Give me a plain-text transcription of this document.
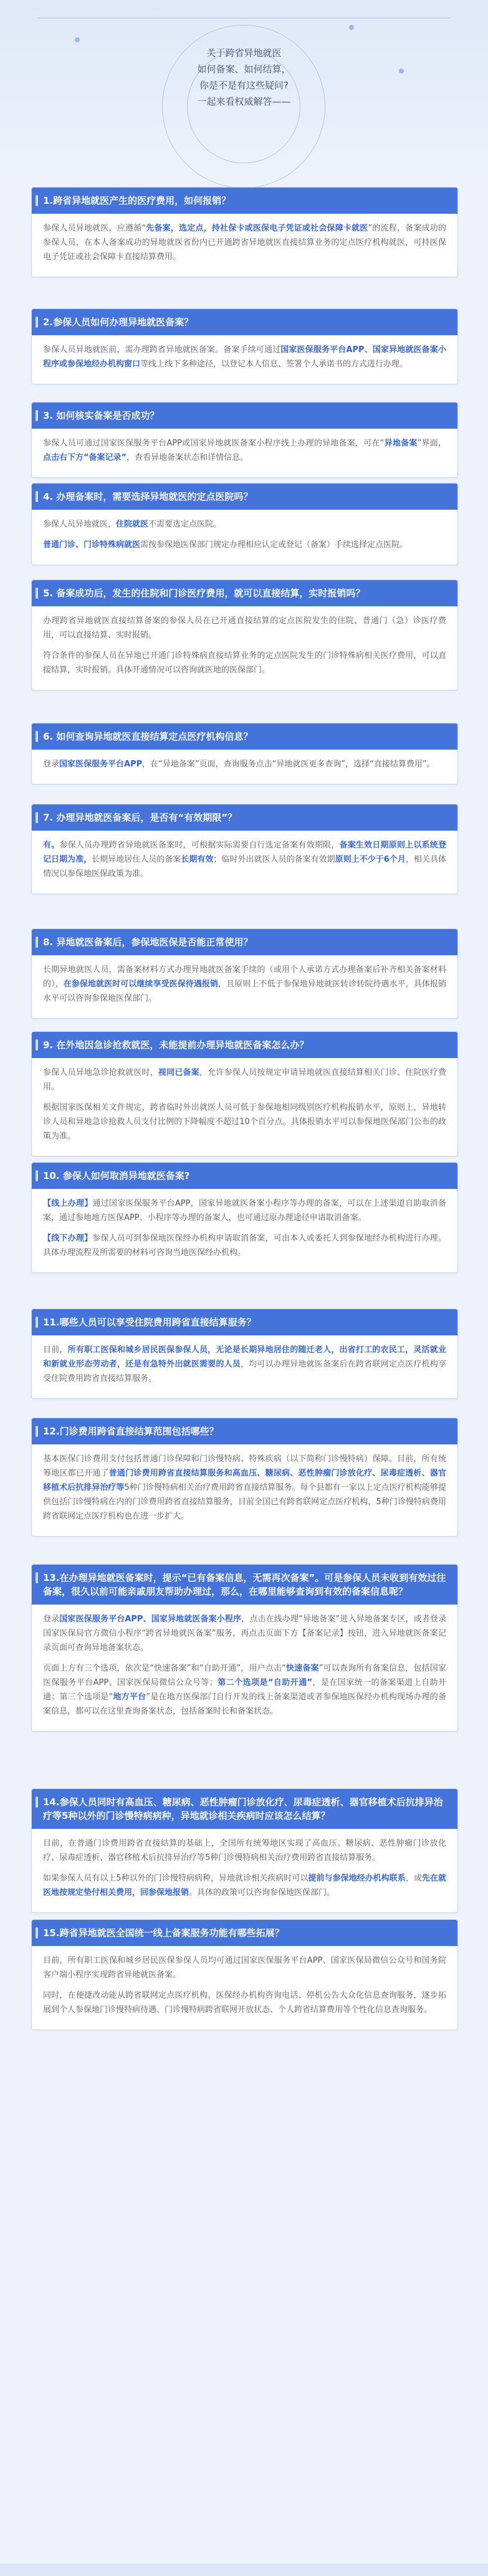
关于跨省异地就医
如何备案、如何结算，
你是不是有这些疑问?
一起来看权威解答——
1.跨省异地就医产生的医疗费用，如何报销？

参保人员异地就医，应遵循“先备案，选定点，持社保卡或医保电子凭证或社会保障卡就医”的流程，备案成功的参保人员，在本人备案成功的异地就医省份内已开通跨省异地就医直接结算业务的定点医疗机构就医，可持医保电子凭证或社会保障卡直接结算费用。

2.参保人员如何办理异地就医备案？

参保人员异地就医前，需办理跨省异地就医备案。备案手续可通过国家医保服务平台APP、国家异地就医备案小程序或参保地经办机构窗口等线上线下多种途径，以登记本人信息、签署个人承诺书的方式进行办理。

3. 如何核实备案是否成功？

参保人员可通过国家医保服务平台APP或国家异地就医备案小程序线上办理的异地备案，可在“异地备案”界面，点击右下方“备案记录”，查看异地备案状态和详情信息。

4. 办理备案时，需要选择异地就医的定点医院吗？

参保人员异地就医，住院就医不需要选定点医院。

普通门诊、门诊特殊病就医需按参保地医保部门规定办理相应认定或登记（备案）手续选择定点医院。

5. 备案成功后，发生的住院和门诊医疗费用，就可以直接结算，实时报销吗？

办理跨省异地就医直接结算备案的参保人员在已开通直接结算的定点医院发生的住院、普通门（急）诊医疗费用，可以直接结算、实时报销。

符合条件的参保人员在异地已开通门诊特殊病直接结算业务的定点医院发生的门诊特殊病相关医疗费用，可以直接结算，实时报销。具体开通情况可以咨询就医地的医保部门。

6. 如何查询异地就医直接结算定点医疗机构信息？

登录国家医保服务平台APP，在“异地备案”页面，查询服务点击“异地就医更多查询”，选择“直接结算费用”。

7. 办理异地就医备案后，是否有“有效期限”？

有。参保人员办理跨省异地就医备案时，可根据实际需要自行选定备案有效期限，备案生效日期原则上以系统登记日期为准，长期异地居住人员的备案长期有效；临时外出就医人员的备案有效期原则上不少于6个月，相关具体情况以参保地医保政策为准。

8. 异地就医备案后，参保地医保是否能正常使用？

长期异地就医人员，需备案材料方式办理异地就医备案手续的（或用个人承诺方式办理备案后补齐相关备案材料的），在参保地就医时可以继续享受医保待遇报销，且原则上不低于参保地异地就医转诊转院待遇水平，具体报销水平可以咨询参保地医保部门。

9. 在外地因急诊抢救就医，未能提前办理异地就医备案怎么办？

参保人员异地急诊抢救就医时，视同已备案，允许参保人员按规定申请异地就医直接结算相关门诊、住院医疗费用。

根据国家医保相关文件规定，跨省临时外出就医人员可低于参保地相同级别医疗机构报销水平，原则上，异地转诊人员和异地急诊抢救人员支付比例的下降幅度不超过10个百分点。具体报销水平可以参保地医保部门公布的政策为准。

10. 参保人如何取消异地就医备案?

【线上办理】通过国家医保服务平台APP，国家异地就医备案小程序等办理的备案，可以在上述渠道自助取消备案，通过参地地方医保APP、小程序等办理的备案人，也可通过原办理途径申请取消备案。

【线下办理】参保人员可到参保地医保经办机构申请取消备案，可由本人或委托人到参保地经办机构进行办理。具体办理流程及所需要的材料可咨询当地医保经办机构。

11.哪些人员可以享受住院费用跨省直接结算服务？

目前，所有职工医保和城乡居民医保参保人员，无论是长期异地居住的随迁老人，出省打工的农民工，灵活就业和新就业形态劳动者，还是有急特外出就医需要的人员，均可以办理异地就医备案后在跨省联网定点医疗机构享受住院费用跨省直接结算服务。

12.门诊费用跨省直接结算范围包括哪些？

基本医保门诊费用支付包括普通门诊保障和门诊慢特病、特殊疾病（以下简称门诊慢特病）保障。目前，所有统筹地区都已开通了普通门诊费用跨省直接结算服务和高血压、糖尿病、恶性肿瘤门诊放化疗、尿毒症透析、器官移植术后抗排异治疗等5种门诊慢特病相关治疗费用跨省直接结算服务。每个县都有一家以上定点医疗机构能够提供包括门诊慢特病在内的门诊费用跨省直接结算服务，目前全国已有跨省联网定点医疗机构，5种门诊慢特病费用跨省联网定点医疗机构也在进一步扩大。

13.在办理异地就医备案时，提示“已有备案信息，无需再次备案”。可是参保人员未收到有效过往备案，很久以前可能亲戚朋友帮助办理过，那么，在哪里能够查询到有效的备案信息呢？

登录国家医保服务平台APP、国家异地就医备案小程序，点击在线办理“异地备案”进入异地备案专区，或者登录国家医保局官方微信小程序“跨省异地就医备案”服务，再点击页面下方【备案记录】按钮，进入异地就医备案记录页面可查询异地备案状态。

页面上方有三个选项，依次是“快速备案”和“自助开通”，用户点击“快速备案”可以查询所有备案信息，包括国家医保服务平台APP、国家医保局微信公众号等；第二个选项是“自助开通”，是在国家统一的备案渠道上自助开通；第三个选项是“地方平台”是在地方医保部门自行开发的线上备案渠道或者参保地医保经办机构现场办理的备案信息，都可以在这里查询备案状态，包括备案时长和备案状态。

14.参保人员同时有高血压、糖尿病、恶性肿瘤门诊放化疗、尿毒症透析、器官移植术后抗排异治疗等5种以外的门诊慢特病病种，异地就诊相关疾病时应该怎么结算？

目前，在普通门诊费用跨省直接结算的基础上，全国所有统筹地区实现了高血压、糖尿病、恶性肿瘤门诊放化疗、尿毒症透析、器官移植术后抗排异治疗等5种门诊慢特病相关治疗费用跨省直接结算服务。

如果参保人员有以上5种以外的门诊慢特病病种，异地就诊相关疾病时可以提前与参保地经办机构联系，或先在就医地按规定垫付相关费用，回参保地报销。具体的政策可以咨询参保地医保部门。

15.跨省异地就医全国统一线上备案服务功能有哪些拓展？

目前，所有职工医保和城乡居民医保参保人员均可通过国家医保服务平台APP、国家医保局微信公众号和国务院客户端小程序实现跨省异地就医备案。

同时，在便捷改动能从跨省联网定点医疗机构、医保经办机构咨询电话、停机公告大众化信息查询服务，逐步拓展到个人参保地门诊慢特病待遇、门诊慢特病跨省联网开放状态、个人跨省结算费用等个性化信息查询服务。
